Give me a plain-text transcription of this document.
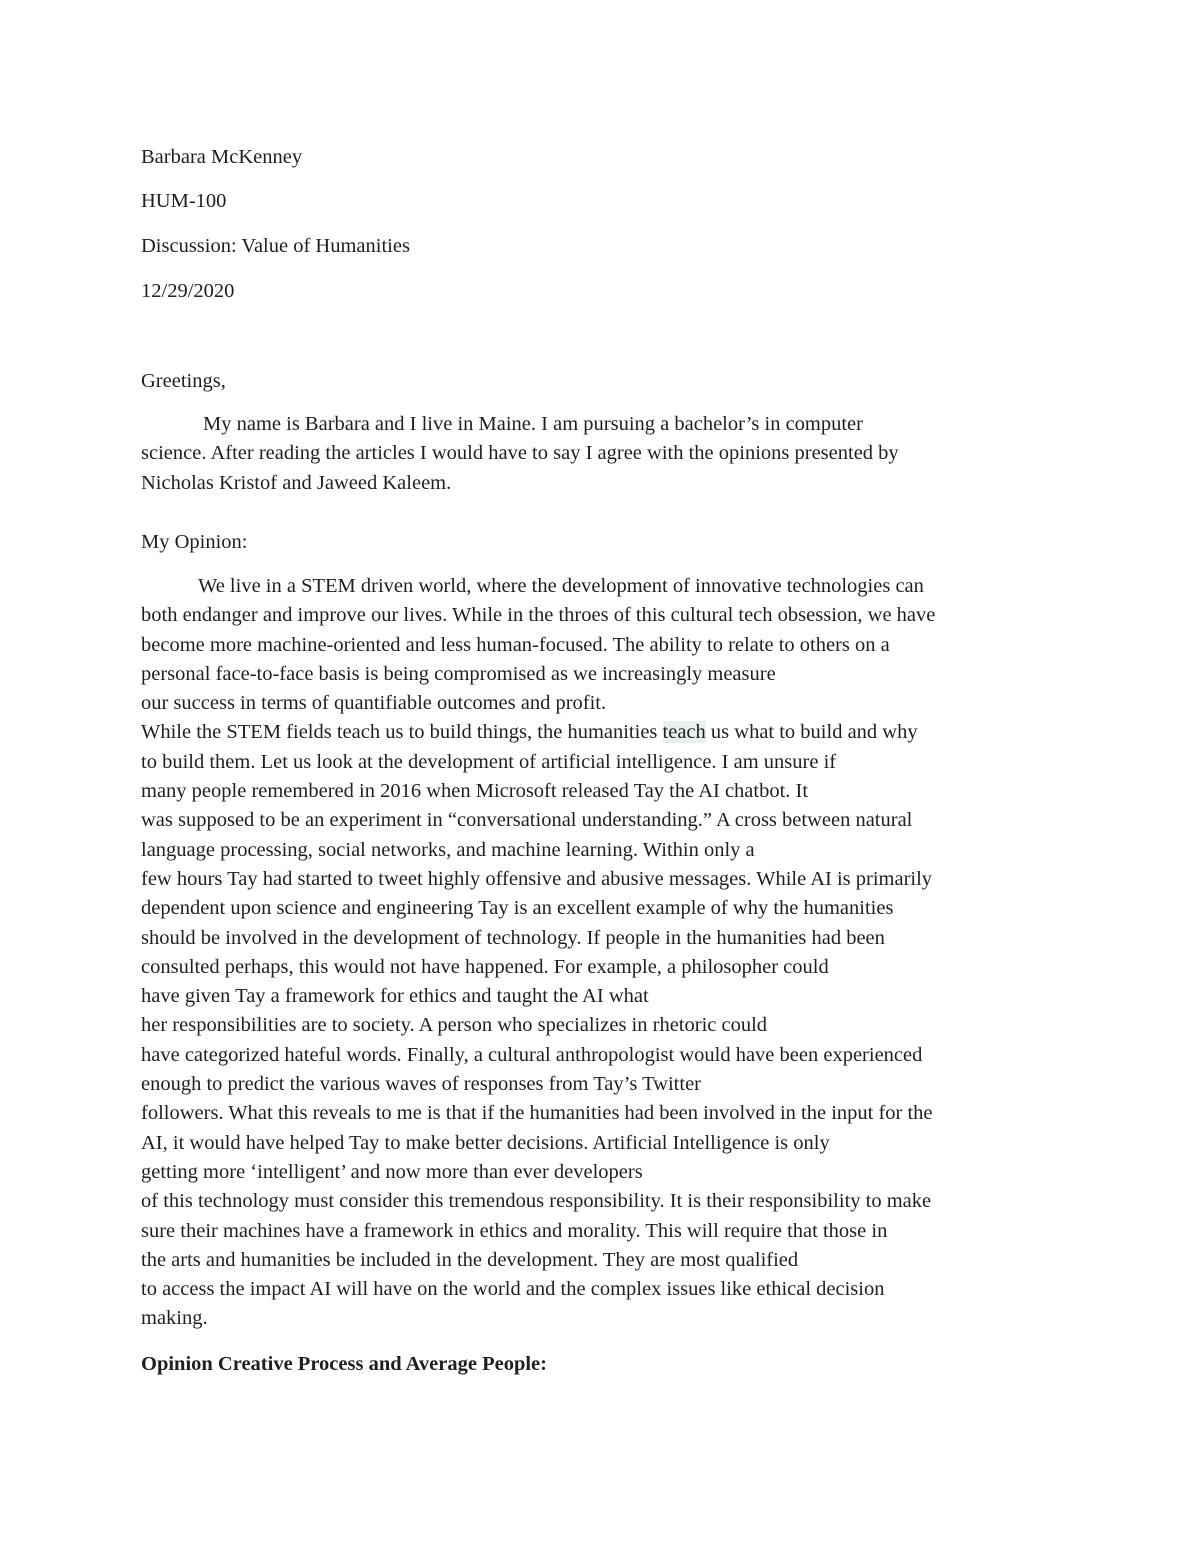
Barbara McKenney
HUM-100
Discussion: Value of Humanities
12/29/2020
Greetings,
My name is Barbara and I live in Maine. I am pursuing a bachelor’s in computer
science. After reading the articles I would have to say I agree with the opinions presented by
Nicholas Kristof and Jaweed Kaleem.
My Opinion:
We live in a STEM driven world, where the development of innovative technologies can
both endanger and improve our lives. While in the throes of this cultural tech obsession, we have
become more machine-oriented and less human-focused. The ability to relate to others on a
personal face-to-face basis is being compromised as we increasingly measure
our success in terms of quantifiable outcomes and profit.
While the STEM fields teach us to build things, the humanities teach us what to build and why
to build them. Let us look at the development of artificial intelligence. I am unsure if
many people remembered in 2016 when Microsoft released Tay the AI chatbot. It
was supposed to be an experiment in “conversational understanding.” A cross between natural
language processing, social networks, and machine learning. Within only a
few hours Tay had started to tweet highly offensive and abusive messages. While AI is primarily
dependent upon science and engineering Tay is an excellent example of why the humanities
should be involved in the development of technology. If people in the humanities had been
consulted perhaps, this would not have happened. For example, a philosopher could
have given Tay a framework for ethics and taught the AI what
her responsibilities are to society. A person who specializes in rhetoric could
have categorized hateful words. Finally, a cultural anthropologist would have been experienced
enough to predict the various waves of responses from Tay’s Twitter
followers. What this reveals to me is that if the humanities had been involved in the input for the
AI, it would have helped Tay to make better decisions. Artificial Intelligence is only
getting more ‘intelligent’ and now more than ever developers
of this technology must consider this tremendous responsibility. It is their responsibility to make
sure their machines have a framework in ethics and morality. This will require that those in
the arts and humanities be included in the development. They are most qualified
to access the impact AI will have on the world and the complex issues like ethical decision
making.
Opinion Creative Process and Average People:
